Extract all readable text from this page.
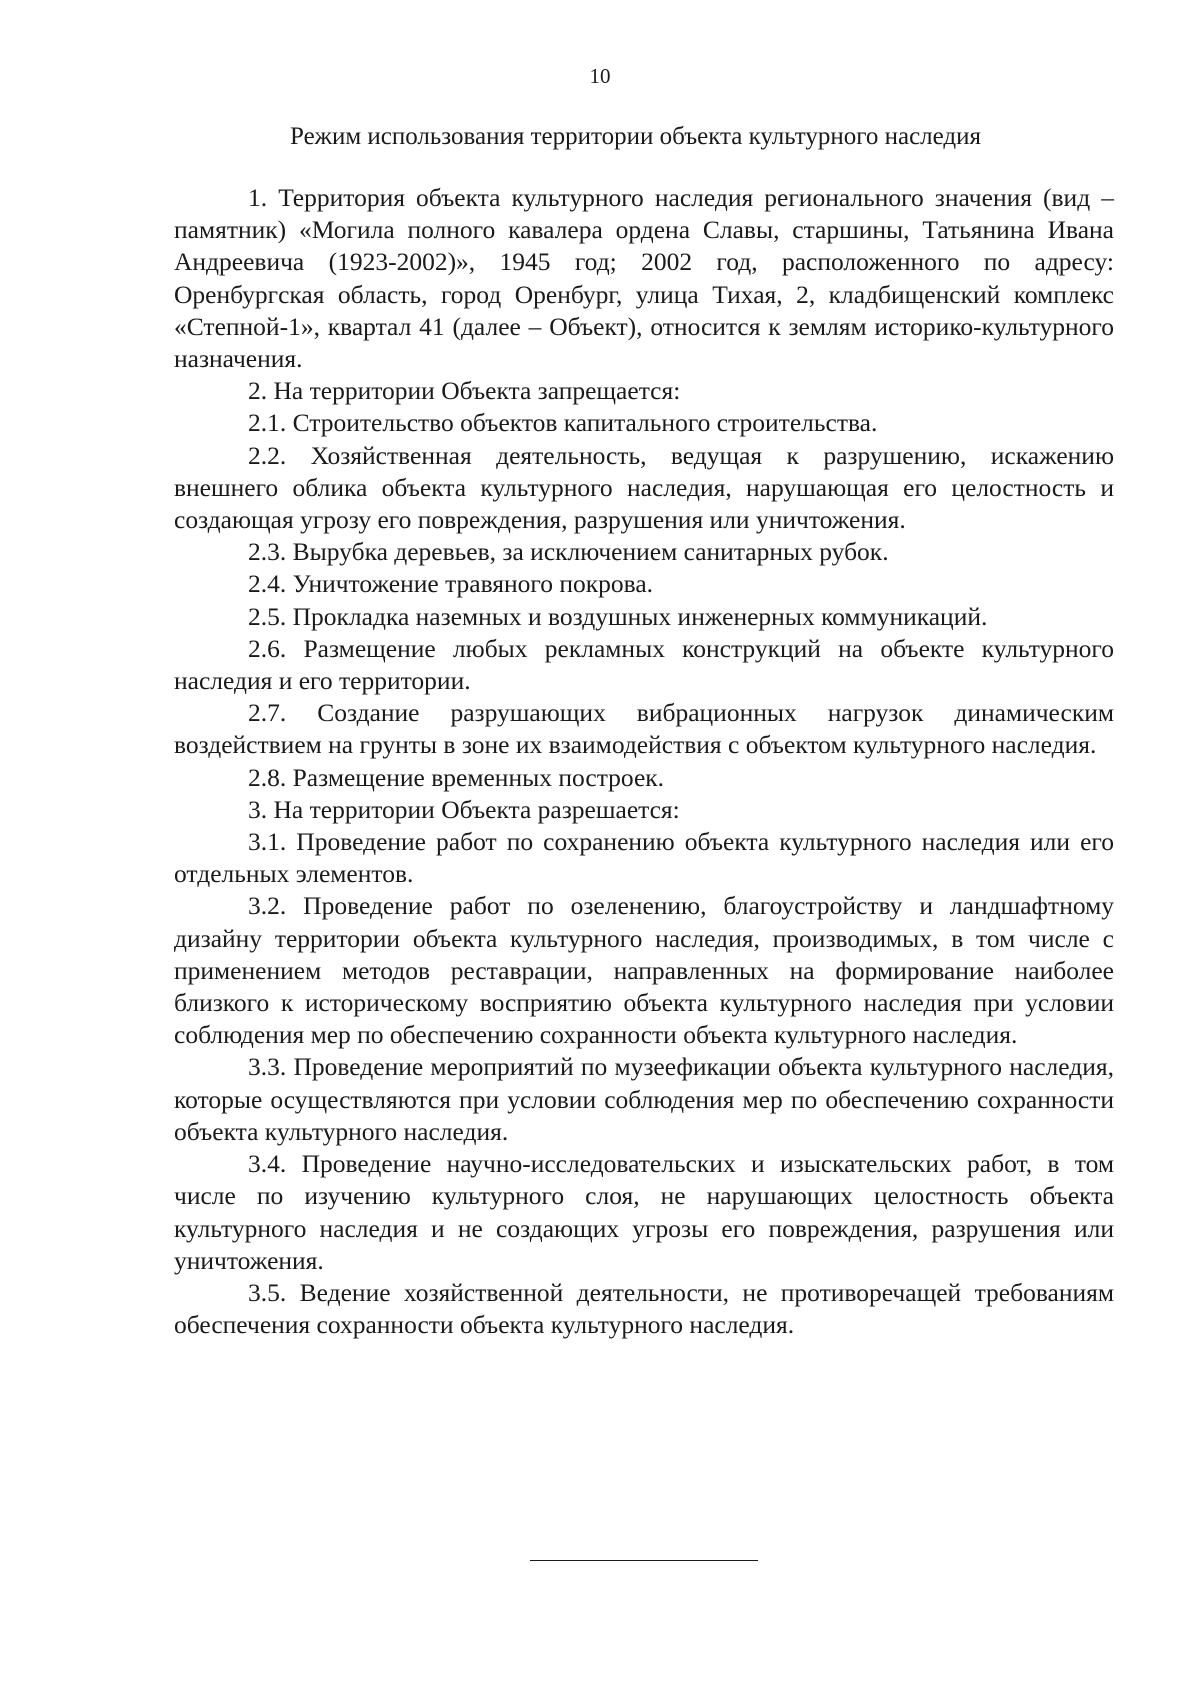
10
Режим использования территории объекта культурного наследия

1. Территория объекта культурного наследия регионального значения (вид – памятник) «Могила полного кавалера ордена Славы, старшины, Татьянина Ивана Андреевича (1923-2002)», 1945 год; 2002 год, расположенного по адресу: Оренбургская область, город Оренбург, улица Тихая, 2, кладбищенский комплекс «Степной-1», квартал 41 (далее – Объект), относится к землям историко-культурного назначения.

2. На территории Объекта запрещается:

2.1. Строительство объектов капитального строительства.

2.2. Хозяйственная деятельность, ведущая к разрушению, искажению внешнего облика объекта культурного наследия, нарушающая его целостность и создающая угрозу его повреждения, разрушения или уничтожения.

2.3. Вырубка деревьев, за исключением санитарных рубок.

2.4. Уничтожение травяного покрова.

2.5. Прокладка наземных и воздушных инженерных коммуникаций.

2.6. Размещение любых рекламных конструкций на объекте культурного наследия и его территории.

2.7. Создание разрушающих вибрационных нагрузок динамическим воздействием на грунты в зоне их взаимодействия с объектом культурного наследия.

2.8. Размещение временных построек.

3. На территории Объекта разрешается:

3.1. Проведение работ по сохранению объекта культурного наследия или его отдельных элементов.

3.2. Проведение работ по озеленению, благоустройству и ландшафтному дизайну территории объекта культурного наследия, производимых, в том числе с применением методов реставрации, направленных на формирование наиболее близкого к историческому восприятию объекта культурного наследия при условии соблюдения мер по обеспечению сохранности объекта культурного наследия.

3.3. Проведение мероприятий по музеефикации объекта культурного наследия, которые осуществляются при условии соблюдения мер по обеспечению сохранности объекта культурного наследия.

3.4. Проведение научно-исследовательских и изыскательских работ, в том числе по изучению культурного слоя, не нарушающих целостность объекта культурного наследия и не создающих угрозы его повреждения, разрушения или уничтожения.

3.5. Ведение хозяйственной деятельности, не противоречащей требованиям обеспечения сохранности объекта культурного наследия.
